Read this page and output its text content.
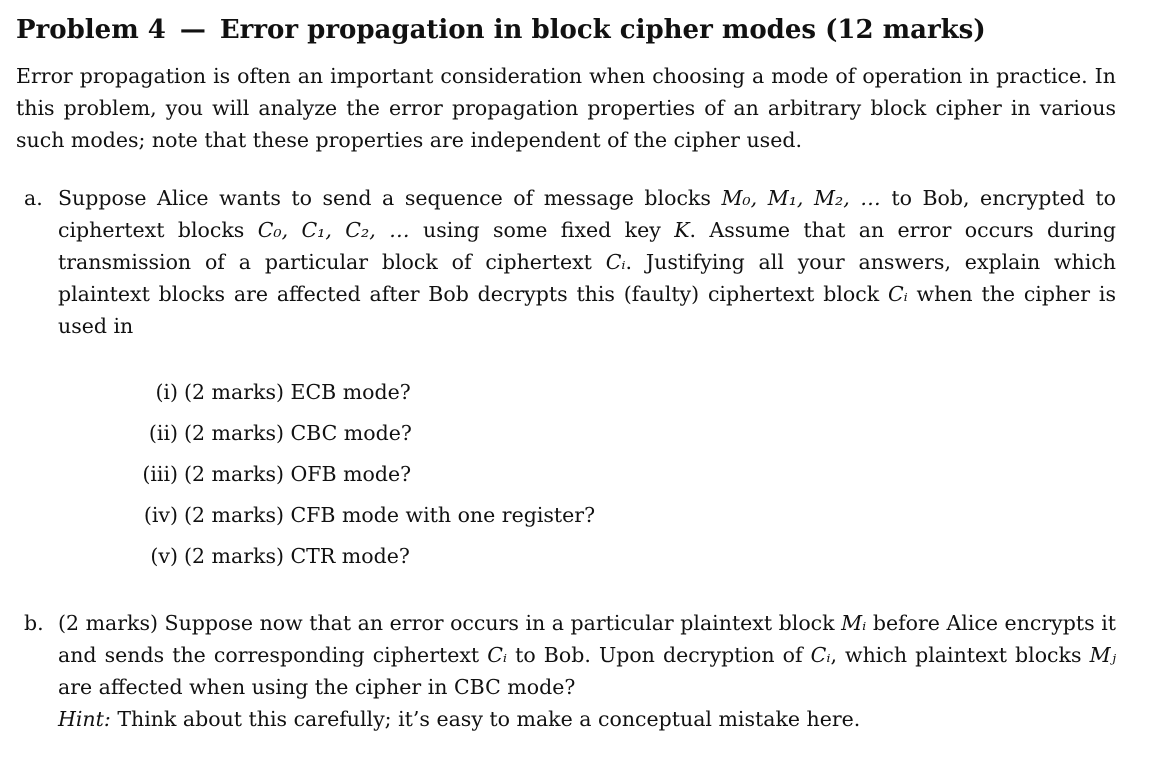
Problem 4 — Error propagation in block cipher modes (12 marks)

Error propagation is often an important consideration when choosing a mode of operation in practice. In this problem, you will analyze the error propagation properties of an arbitrary block cipher in various such modes; note that these properties are independent of the cipher used.

a. Suppose Alice wants to send a sequence of message blocks M₀, M₁, M₂, … to Bob, encrypted to ciphertext blocks C₀, C₁, C₂, … using some fixed key K. Assume that an error occurs during transmission of a particular block of ciphertext Cᵢ. Justifying all your answers, explain which plaintext blocks are affected after Bob decrypts this (faulty) ciphertext block Cᵢ when the cipher is used in
(i) (2 marks) ECB mode?
(ii) (2 marks) CBC mode?
(iii) (2 marks) OFB mode?
(iv) (2 marks) CFB mode with one register?
(v) (2 marks) CTR mode?
b. (2 marks) Suppose now that an error occurs in a particular plaintext block Mᵢ before Alice encrypts it and sends the corresponding ciphertext Cᵢ to Bob. Upon decryption of Cᵢ, which plaintext blocks Mⱼ are affected when using the cipher in CBC mode?
Hint: Think about this carefully; it’s easy to make a conceptual mistake here.
